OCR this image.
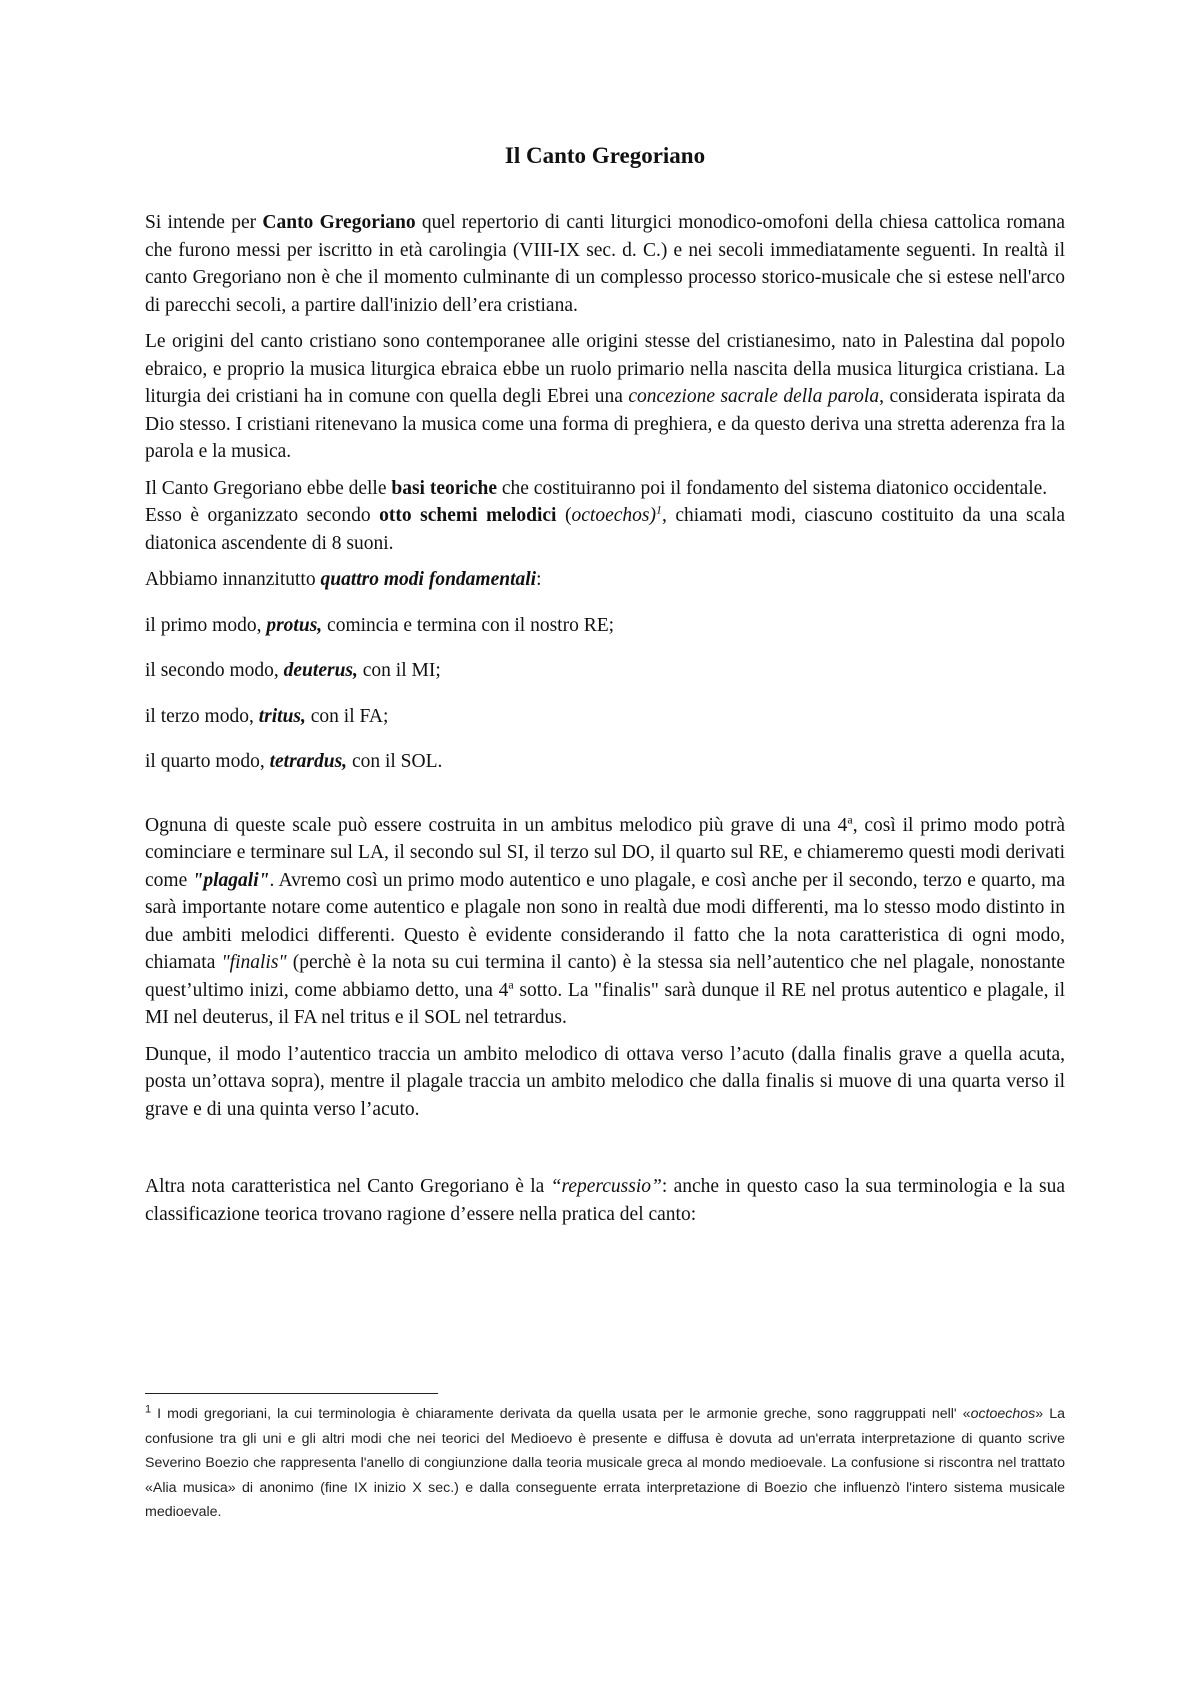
Il Canto Gregoriano

Si intende per Canto Gregoriano quel repertorio di canti liturgici monodico-omofoni della chiesa cattolica romana che furono messi per iscritto in età carolingia (VIII-IX sec. d. C.) e nei secoli immediatamente seguenti. In realtà il canto Gregoriano non è che il momento culminante di un complesso processo storico-musicale che si estese nell'arco di parecchi secoli, a partire dall'inizio dell’era cristiana.

Le origini del canto cristiano sono contemporanee alle origini stesse del cristianesimo, nato in Palestina dal popolo ebraico, e proprio la musica liturgica ebraica ebbe un ruolo primario nella nascita della musica liturgica cristiana. La liturgia dei cristiani ha in comune con quella degli Ebrei una concezione sacrale della parola, considerata ispirata da Dio stesso. I cristiani ritenevano la musica come una forma di preghiera, e da questo deriva una stretta aderenza fra la parola e la musica.

Il Canto Gregoriano ebbe delle basi teoriche che costituiranno poi il fondamento del sistema diatonico occidentale.

Esso è organizzato secondo otto schemi melodici (octoechos)$^1$, chiamati modi, ciascuno costituito da una scala diatonica ascendente di 8 suoni.

Abbiamo innanzitutto quattro modi fondamentali:

il primo modo, protus, comincia e termina con il nostro RE;

il secondo modo, deuterus, con il MI;

il terzo modo, tritus, con il FA;

il quarto modo, tetrardus, con il SOL.

Ognuna di queste scale può essere costruita in un ambitus melodico più grave di una 4$^a$, così il primo modo potrà cominciare e terminare sul LA, il secondo sul SI, il terzo sul DO, il quarto sul RE, e chiameremo questi modi derivati come "plagali". Avremo così un primo modo autentico e uno plagale, e così anche per il secondo, terzo e quarto, ma sarà importante notare come autentico e plagale non sono in realtà due modi differenti, ma lo stesso modo distinto in due ambiti melodici differenti. Questo è evidente considerando il fatto che la nota caratteristica di ogni modo, chiamata "finalis" (perchè è la nota su cui termina il canto) è la stessa sia nell’autentico che nel plagale, nonostante quest’ultimo inizi, come abbiamo detto, una 4$^a$ sotto. La "finalis" sarà dunque il RE nel protus autentico e plagale, il MI nel deuterus, il FA nel tritus e il SOL nel tetrardus.

Dunque, il modo l’autentico traccia un ambito melodico di ottava verso l’acuto (dalla finalis grave a quella acuta, posta un’ottava sopra), mentre il plagale traccia un ambito melodico che dalla finalis si muove di una quarta verso il grave e di una quinta verso l’acuto.

Altra nota caratteristica nel Canto Gregoriano è la “repercussio”: anche in questo caso la sua terminologia e la sua classificazione teorica trovano ragione d’essere nella pratica del canto:

$^1$ I modi gregoriani, la cui terminologia è chiaramente derivata da quella usata per le armonie greche, sono raggruppati nell' «octoechos» La confusione tra gli uni e gli altri modi che nei teorici del Medioevo è presente e diffusa è dovuta ad un'errata interpretazione di quanto scrive Severino Boezio che rappresenta l'anello di congiunzione dalla teoria musicale greca al mondo medioevale. La confusione si riscontra nel trattato «Alia musica» di anonimo (fine IX inizio X sec.) e dalla conseguente errata interpretazione di Boezio che influenzò l'intero sistema musicale medioevale.
